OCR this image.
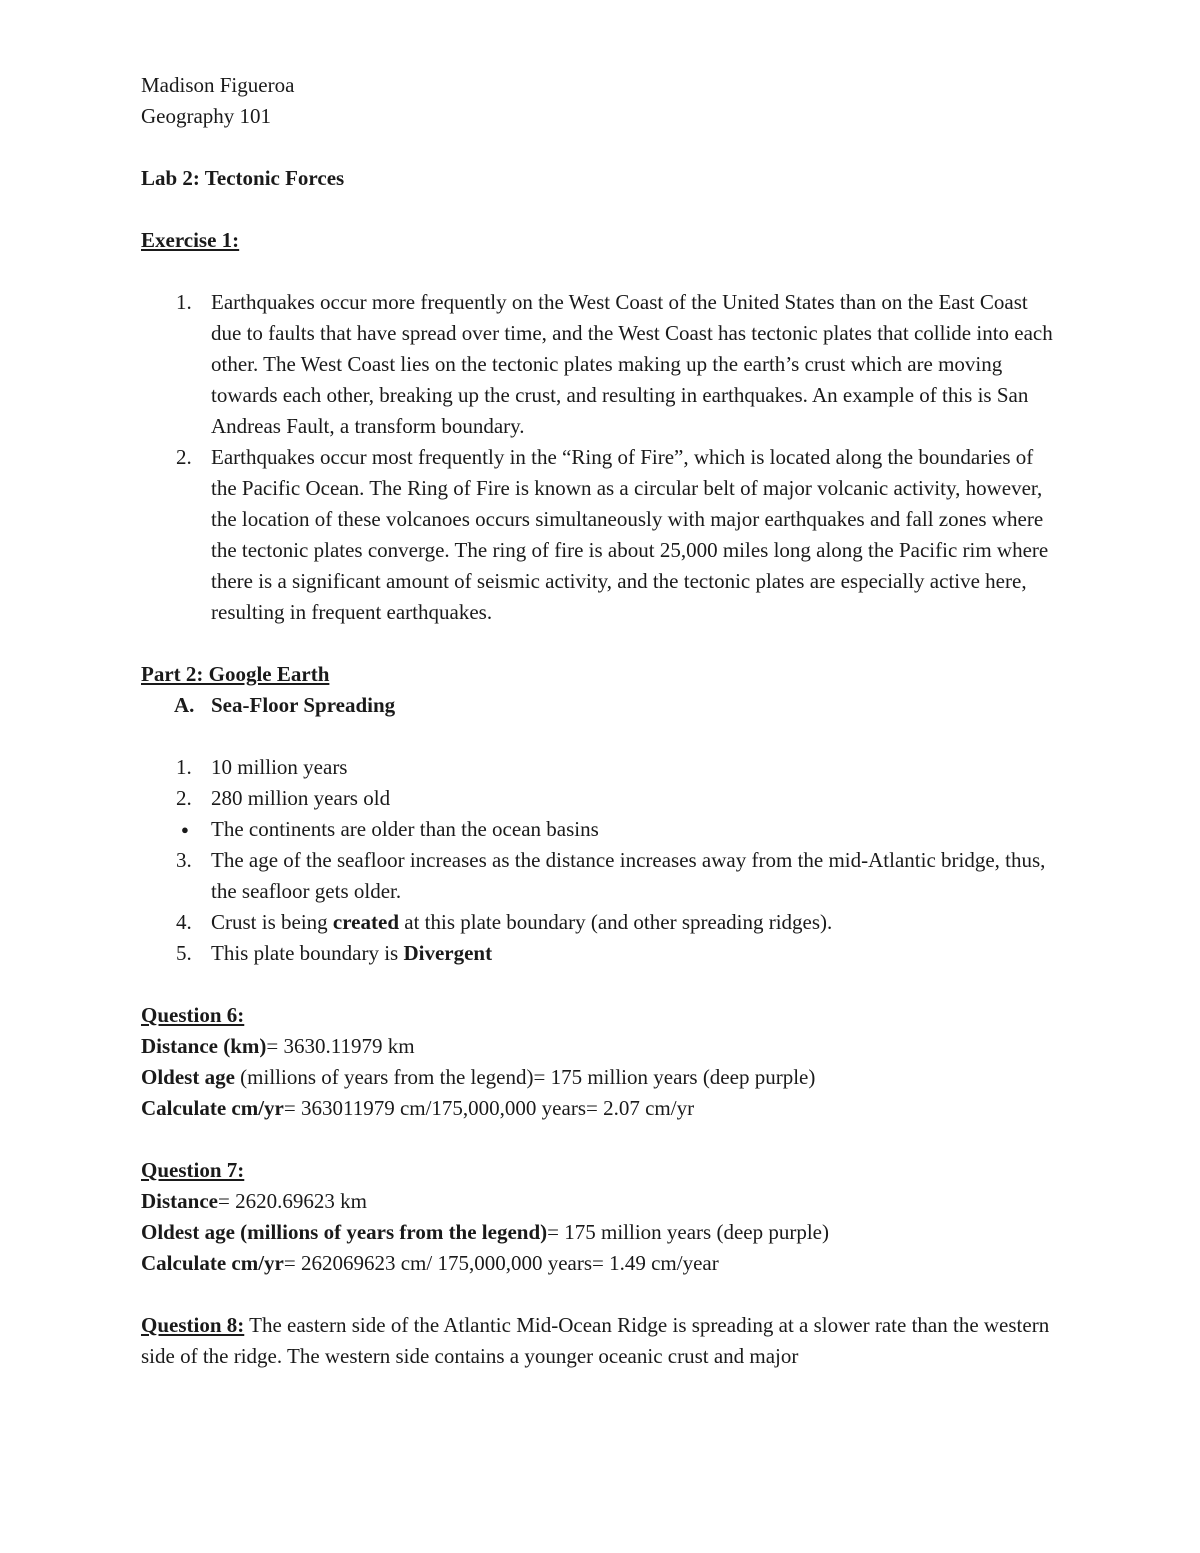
Madison Figueroa
Geography 101
Lab 2: Tectonic Forces
Exercise 1:
1. Earthquakes occur more frequently on the West Coast of the United States than on the East Coast due to faults that have spread over time, and the West Coast has tectonic plates that collide into each other. The West Coast lies on the tectonic plates making up the earth’s crust which are moving towards each other, breaking up the crust, and resulting in earthquakes. An example of this is San Andreas Fault, a transform boundary.
2. Earthquakes occur most frequently in the “Ring of Fire”, which is located along the boundaries of the Pacific Ocean. The Ring of Fire is known as a circular belt of major volcanic activity, however, the location of these volcanoes occurs simultaneously with major earthquakes and fall zones where the tectonic plates converge. The ring of fire is about 25,000 miles long along the Pacific rim where there is a significant amount of seismic activity, and the tectonic plates are especially active here, resulting in frequent earthquakes.
Part 2: Google Earth
A. Sea-Floor Spreading
1. 10 million years
2. 280 million years old
● The continents are older than the ocean basins
3. The age of the seafloor increases as the distance increases away from the mid-Atlantic bridge, thus, the seafloor gets older.
4. Crust is being created at this plate boundary (and other spreading ridges).
5. This plate boundary is Divergent
Question 6:
Distance (km)= 3630.11979 km
Oldest age (millions of years from the legend)= 175 million years (deep purple)
Calculate cm/yr= 363011979 cm/175,000,000 years= 2.07 cm/yr
Question 7:
Distance= 2620.69623 km
Oldest age (millions of years from the legend)= 175 million years (deep purple)
Calculate cm/yr= 262069623 cm/ 175,000,000 years= 1.49 cm/year
Question 8: The eastern side of the Atlantic Mid-Ocean Ridge is spreading at a slower rate than the western side of the ridge. The western side contains a younger oceanic crust and major
